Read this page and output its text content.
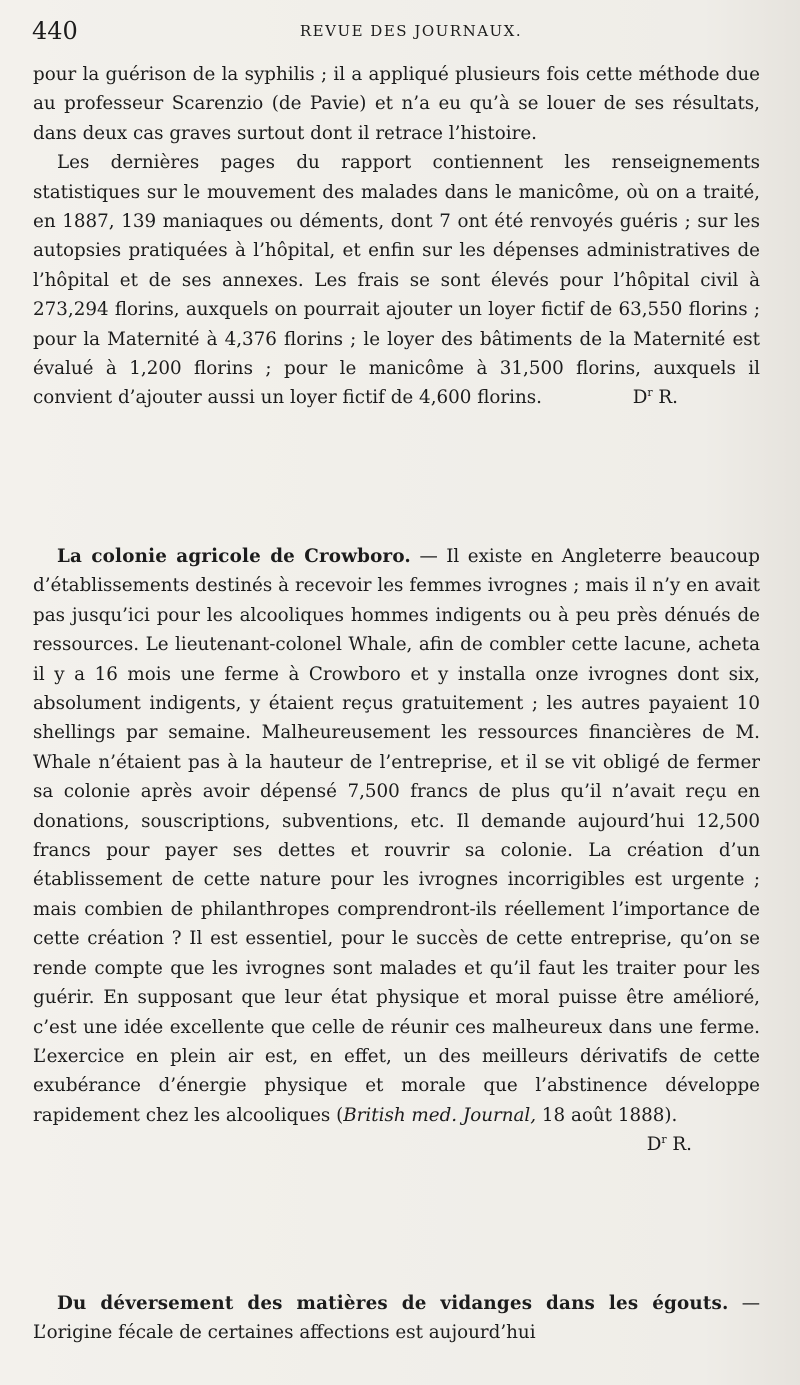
440	REVUE DES JOURNAUX.

pour la guérison de la syphilis ; il a appliqué plusieurs fois cette méthode due au professeur Scarenzio (de Pavie) et n’a eu qu’à se louer de ses résultats, dans deux cas graves surtout dont il retrace l’histoire.

Les dernières pages du rapport contiennent les renseignements statistiques sur le mouvement des malades dans le manicôme, où on a traité, en 1887, 139 maniaques ou déments, dont 7 ont été renvoyés guéris ; sur les autopsies pratiquées à l’hôpital, et enfin sur les dépenses administratives de l’hôpital et de ses annexes. Les frais se sont élevés pour l’hôpital civil à 273,294 florins, auxquels on pourrait ajouter un loyer fictif de 63,550 florins ; pour la Maternité à 4,376 florins ; le loyer des bâtiments de la Maternité est évalué à 1,200 florins ; pour le manicôme à 31,500 florins, auxquels il convient d’ajouter aussi un loyer fictif de 4,600 florins.	$D^r$ R.

La colonie agricole de Crowboro. — Il existe en Angleterre beaucoup d’établissements destinés à recevoir les femmes ivrognes ; mais il n’y en avait pas jusqu’ici pour les alcooliques hommes indigents ou à peu près dénués de ressources. Le lieutenant-colonel Whale, afin de combler cette lacune, acheta il y a 16 mois une ferme à Crowboro et y installa onze ivrognes dont six, absolument indigents, y étaient reçus gratuitement ; les autres payaient 10 shellings par semaine. Malheureusement les ressources financières de M. Whale n’étaient pas à la hauteur de l’entreprise, et il se vit obligé de fermer sa colonie après avoir dépensé 7,500 francs de plus qu’il n’avait reçu en donations, souscriptions, subventions, etc. Il demande aujourd’hui 12,500 francs pour payer ses dettes et rouvrir sa colonie. La création d’un établissement de cette nature pour les ivrognes incorrigibles est urgente ; mais combien de philanthropes comprendront-ils réellement l’importance de cette création ? Il est essentiel, pour le succès de cette entreprise, qu’on se rende compte que les ivrognes sont malades et qu’il faut les traiter pour les guérir. En supposant que leur état physique et moral puisse être amélioré, c’est une idée excellente que celle de réunir ces malheureux dans une ferme. L’exercice en plein air est, en effet, un des meilleurs dérivatifs de cette exubérance d’énergie physique et morale que l’abstinence développe rapidement chez les alcooliques (British med. Journal, 18 août 1888).
$D^r$ R.

Du déversement des matières de vidanges dans les égouts. — L’origine fécale de certaines affections est aujourd’hui
